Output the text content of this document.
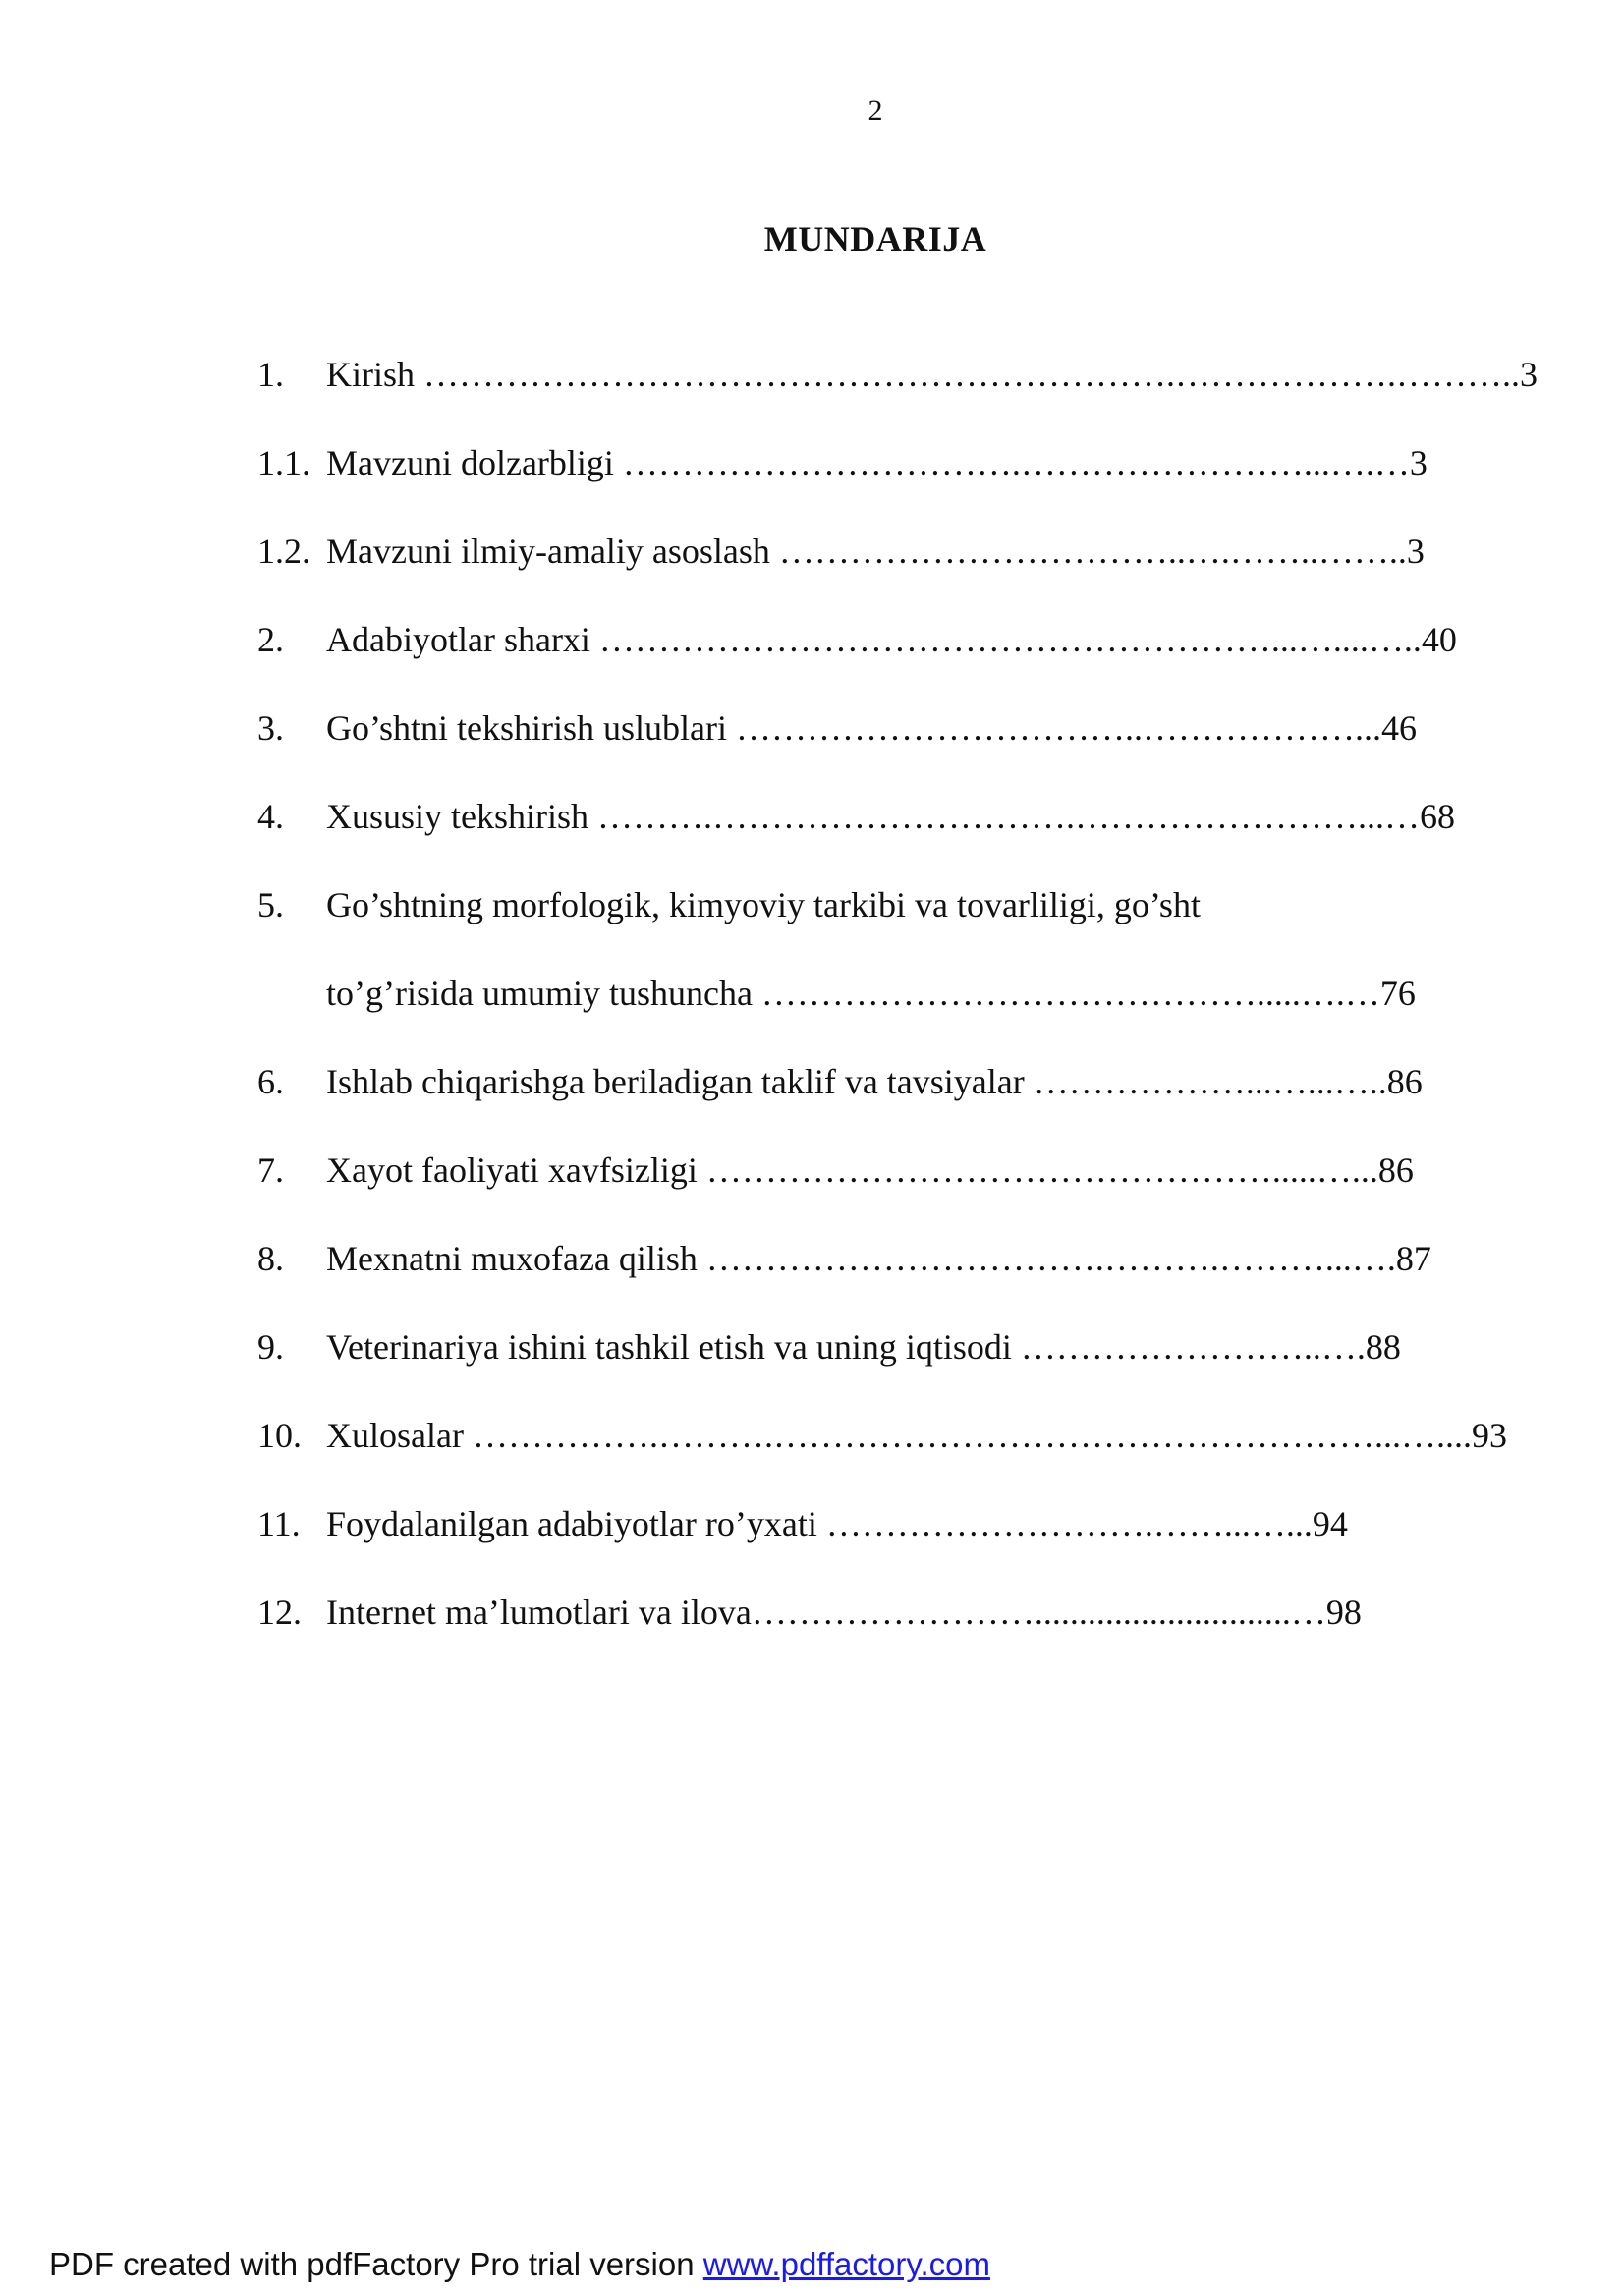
2
MUNDARIJA
1. Kirish ……………………………………………………….……………….………..3
1.1. Mavzuni dolzarbligi …………………………….……………………...….…3
1.2. Mavzuni ilmiy-amaliy asoslash ……………………………..….……..……..3
2. Adabiyotlar sharxi …………………………………………………...…....…..40
3. Go’shtni tekshirish uslublari ……………………………..………………...46
4. Xususiy tekshirish ……….………………………….……………………...…68
5. Go’shtning morfologik, kimyoviy tarkibi va tovarliligi, go’sht
to’g’risida umumiy tushuncha …………………………………….....….…76
6. Ishlab chiqarishga beriladigan taklif va tavsiyalar ………………...…...…..86
7. Xayot faoliyati xavfsizligi ………………………………………….....…...86
8. Mexnatni muxofaza qilish …………………………….……….………...….87
9. Veterinariya ishini tashkil etish va uning iqtisodi ……………………..….88
10. Xulosalar …………….……….……………………………………………...…....93
11. Foydalanilgan adabiyotlar ro’yxati ……………………….……...…...94
12. Internet ma’lumotlari va ilova…………………….............................…98
PDF created with pdfFactory Pro trial version www.pdffactory.com
